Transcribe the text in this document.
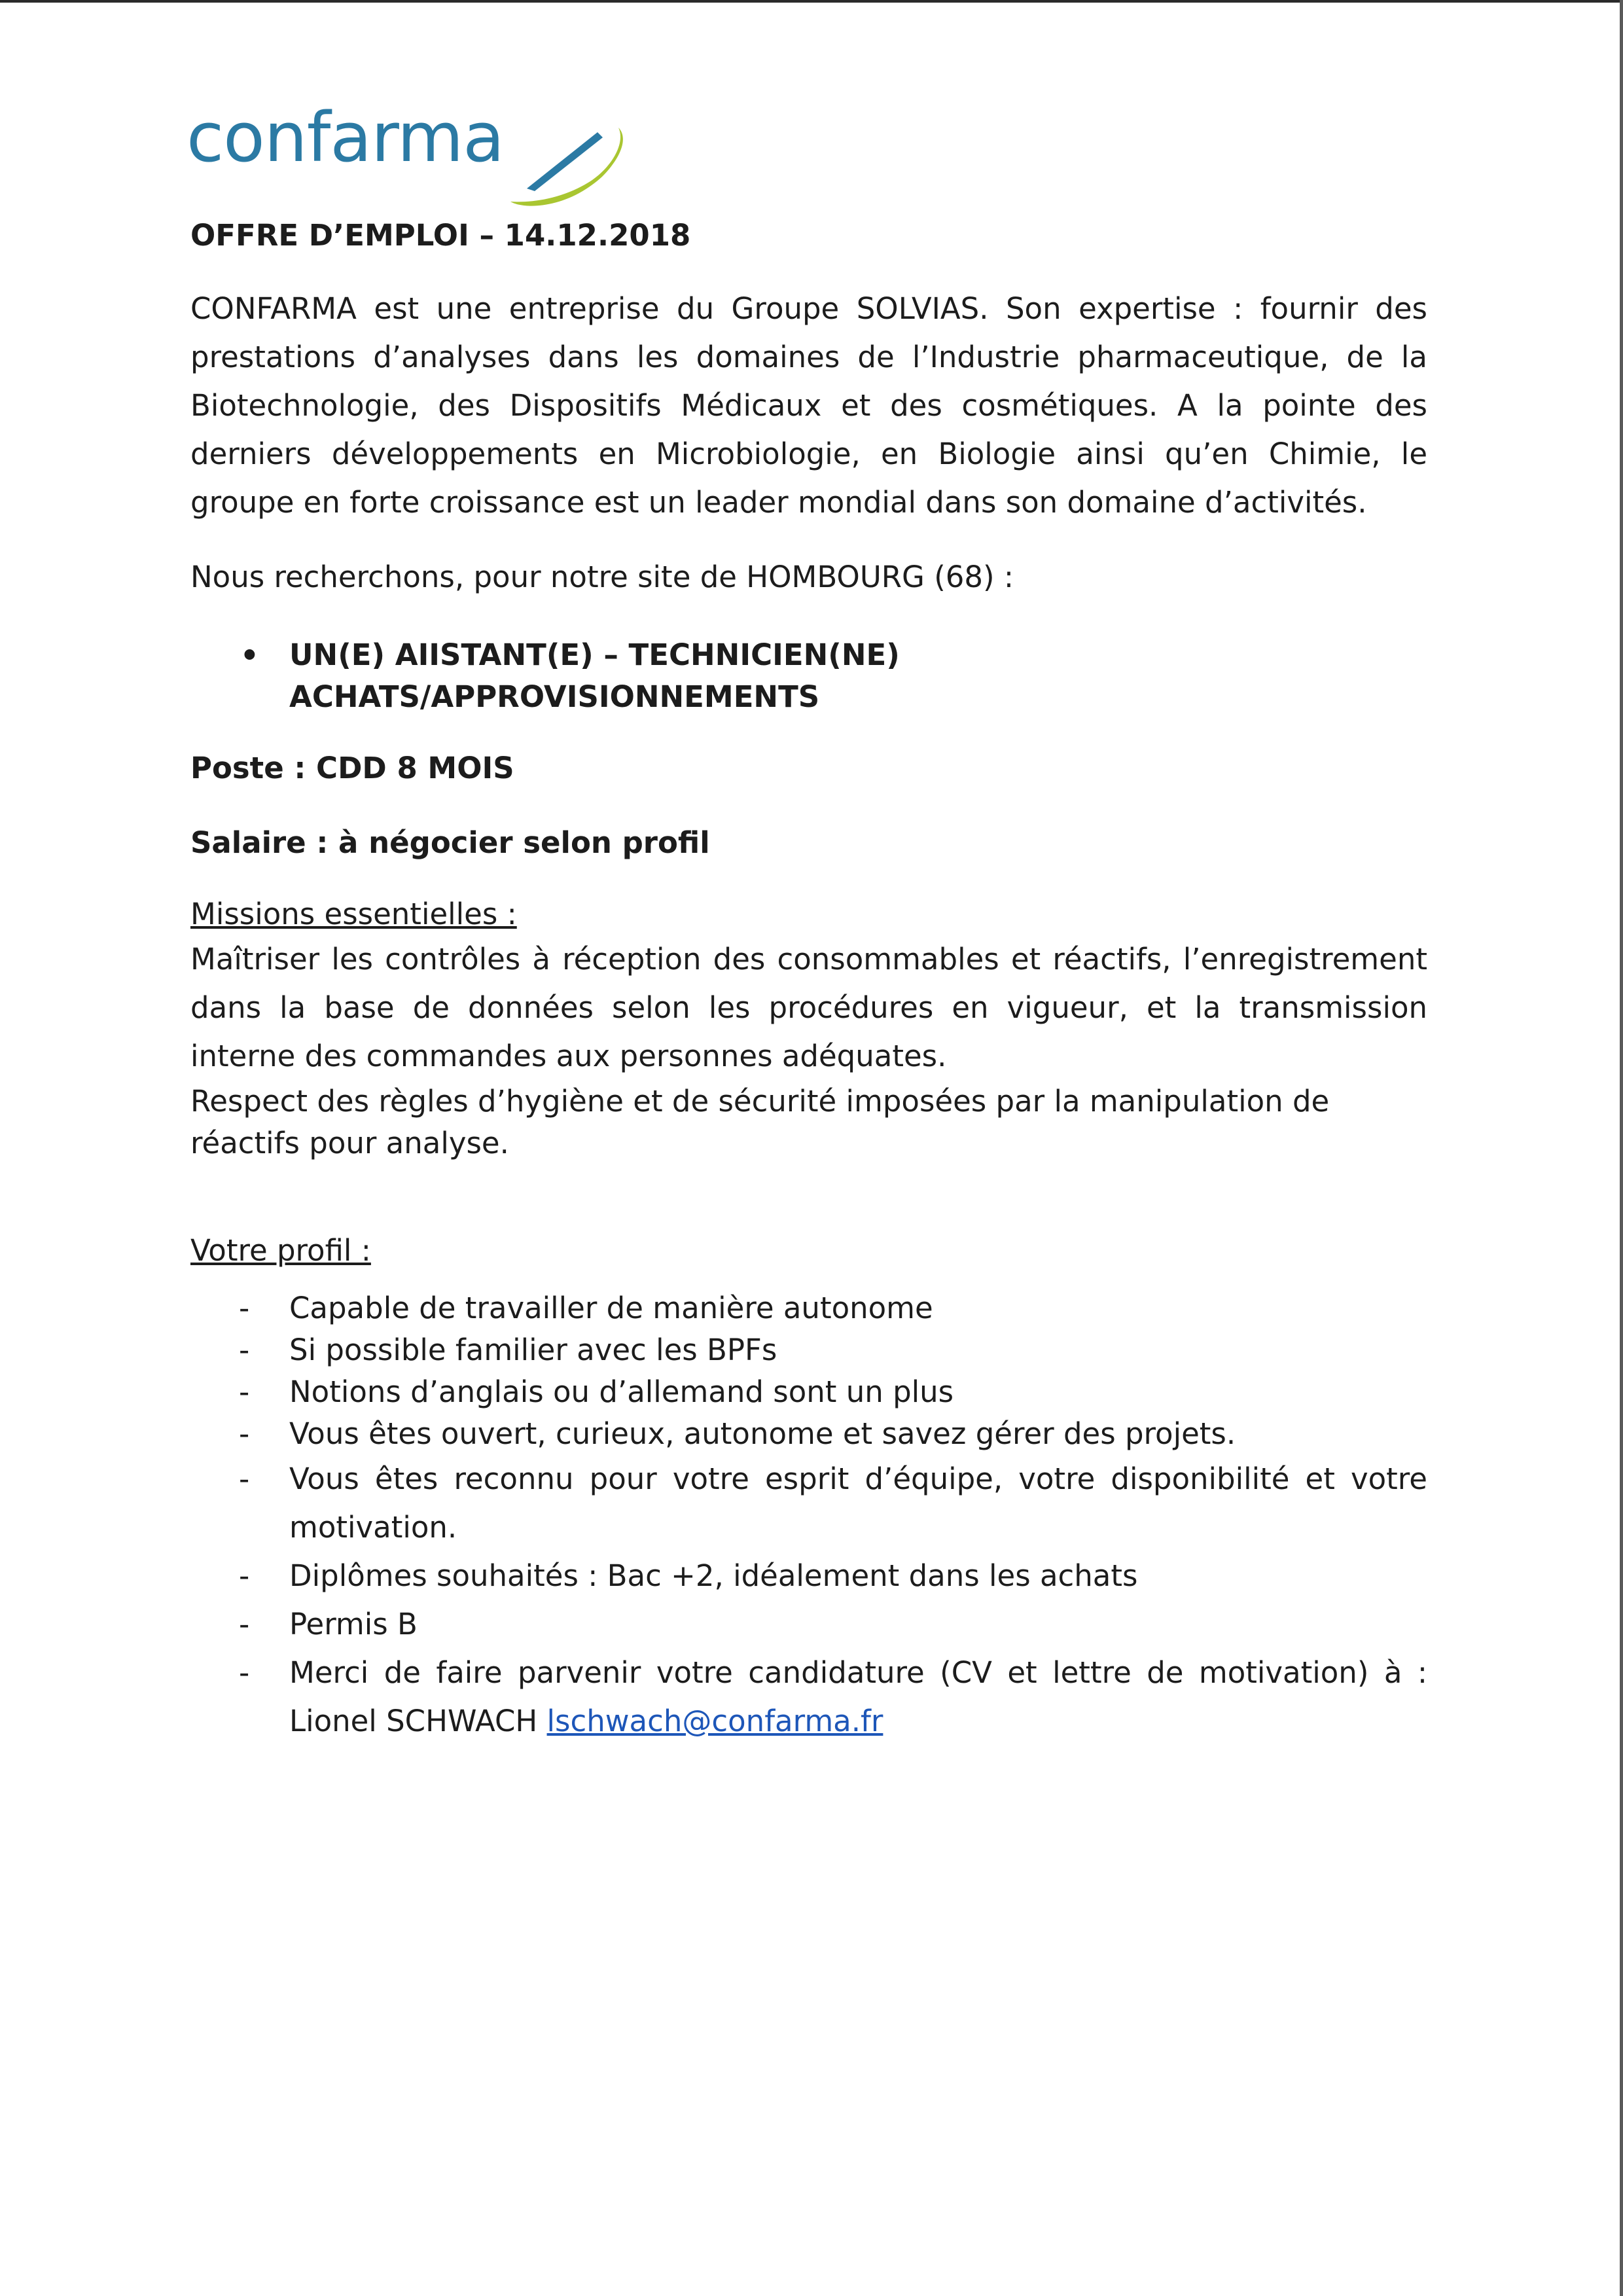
confarma

OFFRE D’EMPLOI – 14.12.2018

CONFARMA est une entreprise du Groupe SOLVIAS. Son expertise : fournir des prestations d’analyses dans les domaines de l’Industrie pharmaceutique, de la Biotechnologie, des Dispositifs Médicaux et des cosmétiques. A la pointe des derniers développements en Microbiologie, en Biologie ainsi qu’en Chimie, le groupe en forte croissance est un leader mondial dans son domaine d’activités.

Nous recherchons, pour notre site de HOMBOURG (68) :

•	UN(E) AIISTANT(E) – TECHNICIEN(NE)
ACHATS/APPROVISIONNEMENTS

Poste : CDD 8 MOIS

Salaire : à négocier selon profil

Missions essentielles :

Maîtriser les contrôles à réception des consommables et réactifs, l’enregistrement dans la base de données selon les procédures en vigueur, et la transmission interne des commandes aux personnes adéquates.

Respect des règles d’hygiène et de sécurité imposées par la manipulation de réactifs pour analyse.

Votre profil :

-	Capable de travailler de manière autonome
-	Si possible familier avec les BPFs
-	Notions d’anglais ou d’allemand sont un plus
-	Vous êtes ouvert, curieux, autonome et savez gérer des projets.
-	Vous êtes reconnu pour votre esprit d’équipe, votre disponibilité et votre motivation.
-	Diplômes souhaités : Bac +2, idéalement dans les achats
-	Permis B
-	Merci de faire parvenir votre candidature (CV et lettre de motivation) à : Lionel SCHWACH lschwach@confarma.fr
